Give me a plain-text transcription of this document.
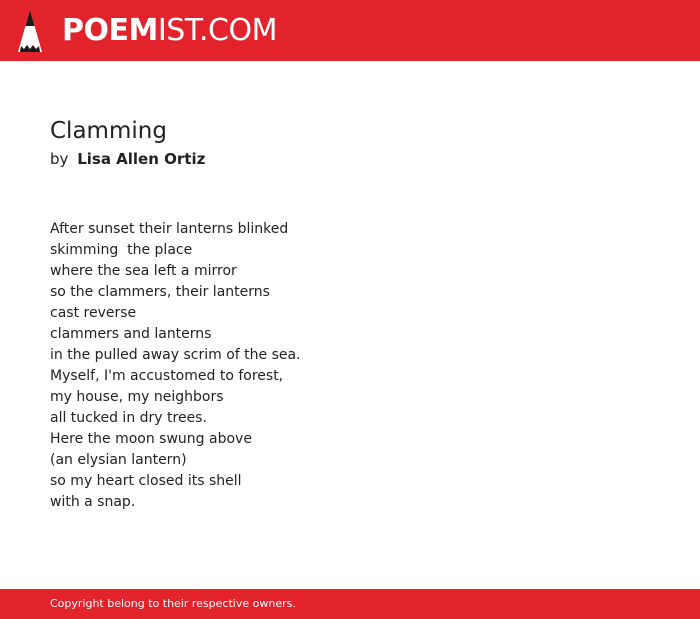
POEMIST.COM
Clamming
by Lisa Allen Ortiz
After sunset their lanterns blinked
skimming  the place
where the sea left a mirror
so the clammers, their lanterns
cast reverse
clammers and lanterns
in the pulled away scrim of the sea.
Myself, I'm accustomed to forest,
my house, my neighbors
all tucked in dry trees.
Here the moon swung above
(an elysian lantern)
so my heart closed its shell
with a snap.
Copyright belong to their respective owners.
